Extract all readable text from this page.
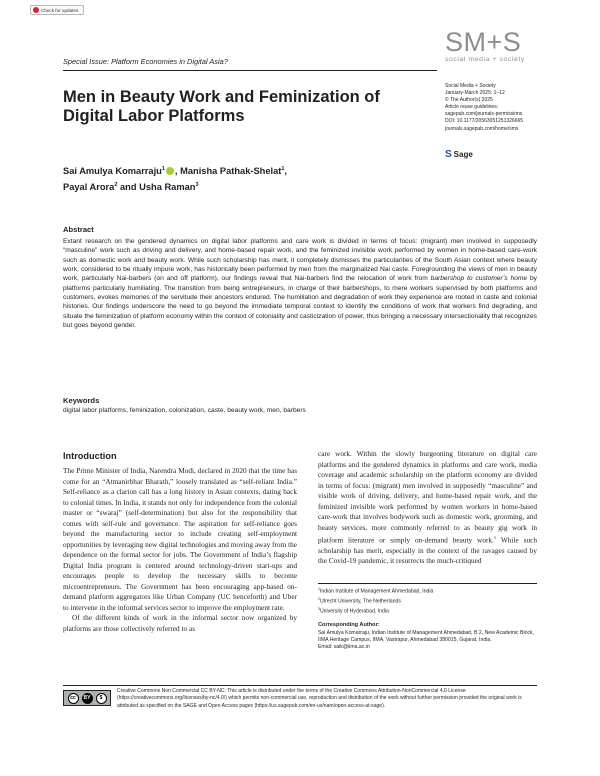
Check for updates
Special Issue: Platform Economies in Digital Asia?
SM+S
social media + society
Social Media + Society
January-March 2025: 1–12
© The Author(s) 2025
Article reuse guidelines:
sagepub.com/journals-permissions
DOI: 10.1177/20563051251326665
journals.sagepub.com/home/sms
S Sage
Men in Beauty Work and Feminization of Digital Labor Platforms
Sai Amulya Komarraju$^1$ , Manisha Pathak-Shelat$^1$,
Payal Arora$^2$ and Usha Raman$^3$
Abstract
Extant research on the gendered dynamics on digital labor platforms and care work is divided in terms of focus: (migrant) men involved in supposedly “masculine” work such as driving and delivery, and home-based repair work, and the feminized invisible work performed by women in home-based care-work such as domestic work and beauty work. While such scholarship has merit, it completely dismisses the particularities of the South Asian context where beauty work, considered to be ritually impure work, has historically been performed by men from the marginalized Nai caste. Foregrounding the views of men in beauty work, particularly Nai-barbers (on and off platform), our findings reveal that Nai-barbers find the relocation of work from barbershop to customer’s home by platforms particularly humiliating. The transition from being entrepreneurs, in charge of their barbershops, to mere workers supervised by both platforms and customers, evokes memories of the servitude their ancestors endured. The humiliation and degradation of work they experience are rooted in caste and colonial histories. Our findings underscore the need to go beyond the immediate temporal context to identify the conditions of work that workers find degrading, and situate the feminization of platform economy within the context of coloniality and casticization of power, thus bringing a necessary intersectionality that recognizes but goes beyond gender.
Keywords
digital labor platforms, feminization, colonization, caste, beauty work, men, barbers
Introduction

The Prime Minister of India, Narendra Modi, declared in 2020 that the time has come for an “Atmanirbhar Bharath,” loosely translated as “self-reliant India.” Self-reliance as a clarion call has a long history in Asian contexts, dating back to colonial times. In India, it stands not only for independence from the colonial master or “swaraj” (self-determination) but also for the responsibility that comes with self-rule and governance. The aspiration for self-reliance goes beyond the manufacturing sector to include creating self-employment opportunities by leveraging new digital technologies and moving away from the dependence on the formal sector for jobs. The Government of India’s flagship Digital India program is centered around technology-driven start-ups and encourages people to develop the necessary skills to become microentrepreneurs. The Government has been encouraging app-based on-demand platform aggregators like Urban Company (UC henceforth) and Uber to intervene in the informal services sector to improve the employment rate.

Of the different kinds of work in the informal sector now organized by platforms are those collectively referred to as

care work. Within the slowly burgeoning literature on digital care platforms and the gendered dynamics in platforms and care work, media coverage and academic scholarship on the platform economy are divided in terms of focus: (migrant) men involved in supposedly “masculine” and visible work of driving, delivery, and home-based repair work, and the feminized invisible work performed by women workers in home-based care-work that involves bodywork such as domestic work, grooming, and beauty services, more commonly referred to as beauty gig work in platform literature or simply on-demand beauty work.$^1$ While such scholarship has merit, especially in the context of the ravages caused by the Covid-19 pandemic, it resurrects the much-critiqued

$^1$Indian Institute of Management Ahmedabad, India
$^2$Utrecht University, The Netherlands
$^3$University of Hyderabad, India
Corresponding Author:
Sai Amulya Komarraju, Indian Institute of Management Ahmedabad, B 2, New Academic Block, IIMA Heritage Campus, IIMA, Vastrapur, Ahmedabad 380015, Gujarat, India.
Email: saik@iima.ac.in
cc	BY	$
Creative Commons Non Commercial CC BY-NC: This article is distributed under the terms of the Creative Commons Attribution-NonCommercial 4.0 License (https://creativecommons.org/licenses/by-nc/4.0/) which permits non-commercial use, reproduction and distribution of the work without further permission provided the original work is attributed as specified on the SAGE and Open Access pages (https://us.sagepub.com/en-us/nam/open-access-at-sage).
